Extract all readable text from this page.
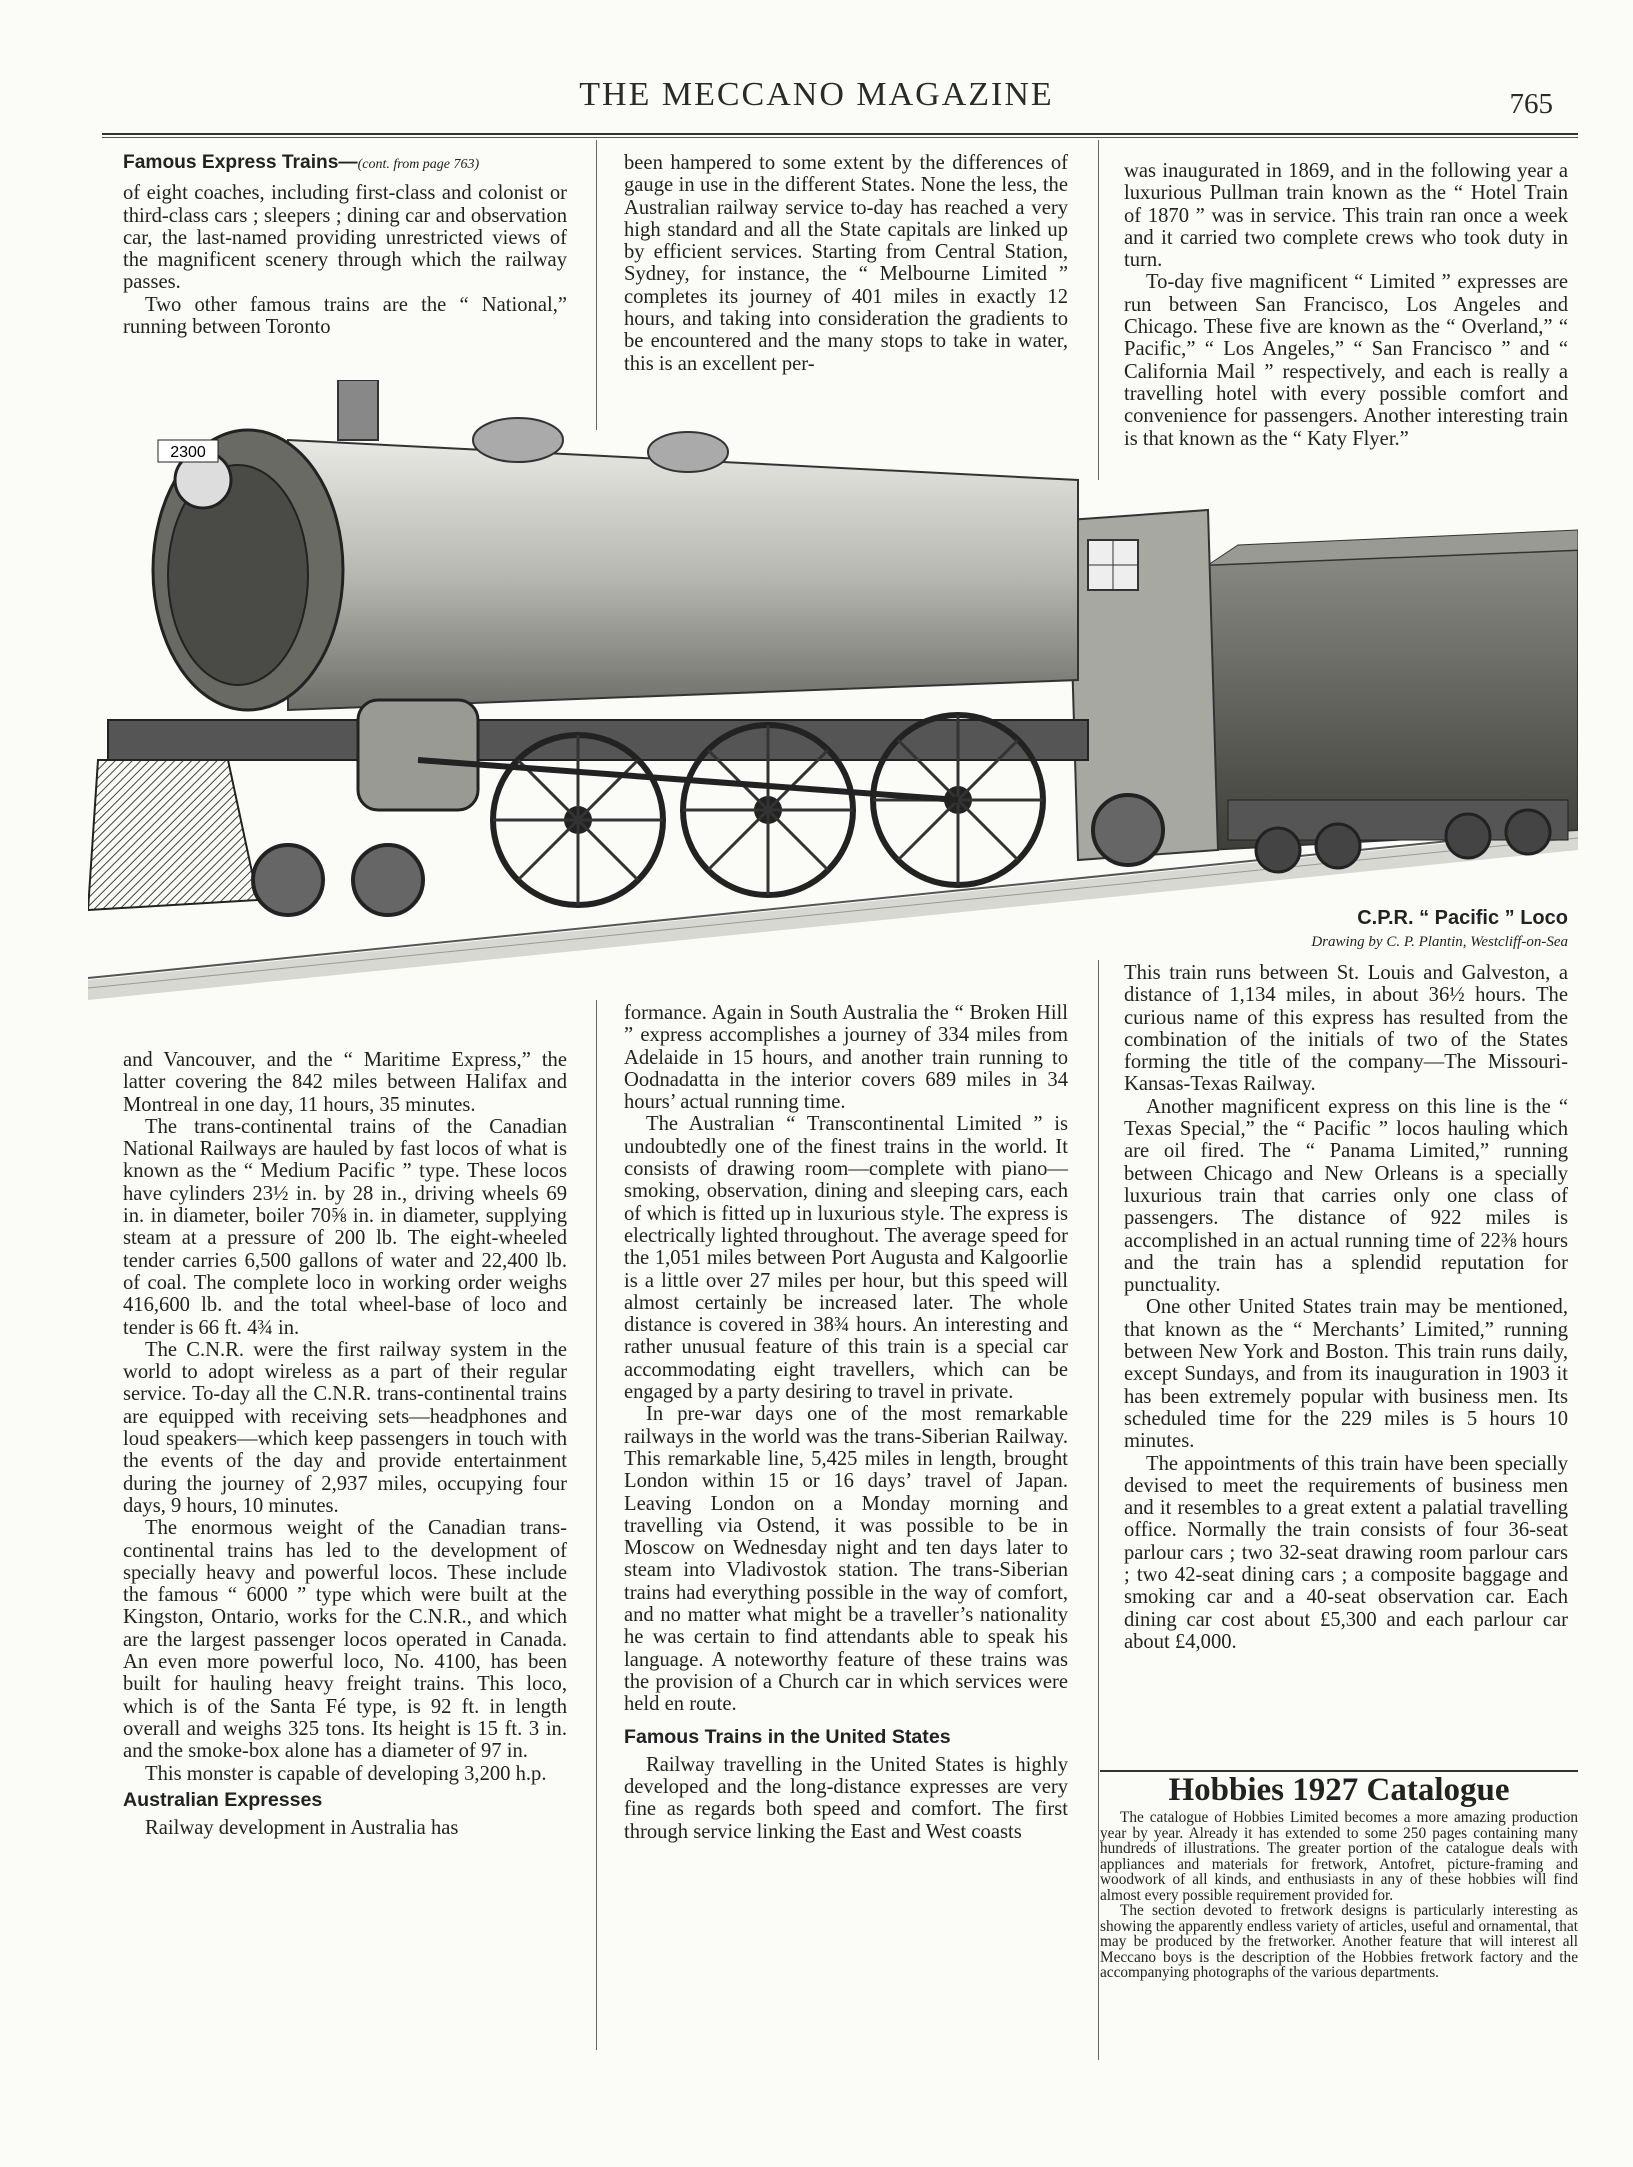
THE MECCANO MAGAZINE	765
Famous Express Trains—(cont. from page 763)

of eight coaches, including first-class and colonist or third-class cars ; sleepers ; dining car and observation car, the last-named providing unrestricted views of the magnificent scenery through which the railway passes.

Two other famous trains are the “ National,” running between Toronto

been hampered to some extent by the differences of gauge in use in the different States. None the less, the Australian railway service to-day has reached a very high standard and all the State capitals are linked up by efficient services. Starting from Central Station, Sydney, for instance, the “ Melbourne Limited ” completes its journey of 401 miles in exactly 12 hours, and taking into consideration the gradients to be encountered and the many stops to take in water, this is an excellent per-

was inaugurated in 1869, and in the following year a luxurious Pullman train known as the “ Hotel Train of 1870 ” was in service. This train ran once a week and it carried two complete crews who took duty in turn.

To-day five magnificent “ Limited ” expresses are run between San Francisco, Los Angeles and Chicago. These five are known as the “ Overland,” “ Pacific,” “ Los Angeles,” “ San Francisco ” and “ California Mail ” respectively, and each is really a travelling hotel with every possible comfort and convenience for passengers. Another interesting train is that known as the “ Katy Flyer.”

2300
C.P.R. “ Pacific ” Loco
Drawing by C. P. Plantin, Westcliff-on-Sea

and Vancouver, and the “ Maritime Express,” the latter covering the 842 miles between Halifax and Montreal in one day, 11 hours, 35 minutes.

The trans-continental trains of the Canadian National Railways are hauled by fast locos of what is known as the “ Medium Pacific ” type. These locos have cylinders 23½ in. by 28 in., driving wheels 69 in. in diameter, boiler 70⅝ in. in diameter, supplying steam at a pressure of 200 lb. The eight-wheeled tender carries 6,500 gallons of water and 22,400 lb. of coal. The complete loco in working order weighs 416,600 lb. and the total wheel-base of loco and tender is 66 ft. 4¾ in.

The C.N.R. were the first railway system in the world to adopt wireless as a part of their regular service. To-day all the C.N.R. trans-continental trains are equipped with receiving sets—headphones and loud speakers—which keep passengers in touch with the events of the day and provide entertainment during the journey of 2,937 miles, occupying four days, 9 hours, 10 minutes.

The enormous weight of the Canadian trans-continental trains has led to the development of specially heavy and powerful locos. These include the famous “ 6000 ” type which were built at the Kingston, Ontario, works for the C.N.R., and which are the largest passenger locos operated in Canada. An even more powerful loco, No. 4100, has been built for hauling heavy freight trains. This loco, which is of the Santa Fé type, is 92 ft. in length overall and weighs 325 tons. Its height is 15 ft. 3 in. and the smoke-box alone has a diameter of 97 in.

This monster is capable of developing 3,200 h.p.

Australian Expresses

Railway development in Australia has

formance. Again in South Australia the “ Broken Hill ” express accomplishes a journey of 334 miles from Adelaide in 15 hours, and another train running to Oodnadatta in the interior covers 689 miles in 34 hours’ actual running time.

The Australian “ Transcontinental Limited ” is undoubtedly one of the finest trains in the world. It consists of drawing room—complete with piano—smoking, observation, dining and sleeping cars, each of which is fitted up in luxurious style. The express is electrically lighted throughout. The average speed for the 1,051 miles between Port Augusta and Kalgoorlie is a little over 27 miles per hour, but this speed will almost certainly be increased later. The whole distance is covered in 38¾ hours. An interesting and rather unusual feature of this train is a special car accommodating eight travellers, which can be engaged by a party desiring to travel in private.

In pre-war days one of the most remarkable railways in the world was the trans-Siberian Railway. This remarkable line, 5,425 miles in length, brought London within 15 or 16 days’ travel of Japan. Leaving London on a Monday morning and travelling via Ostend, it was possible to be in Moscow on Wednesday night and ten days later to steam into Vladivostok station. The trans-Siberian trains had everything possible in the way of comfort, and no matter what might be a traveller’s nationality he was certain to find attendants able to speak his language. A noteworthy feature of these trains was the provision of a Church car in which services were held en route.

Famous Trains in the United States

Railway travelling in the United States is highly developed and the long-distance expresses are very fine as regards both speed and comfort. The first through service linking the East and West coasts

This train runs between St. Louis and Galveston, a distance of 1,134 miles, in about 36½ hours. The curious name of this express has resulted from the combination of the initials of two of the States forming the title of the company—The Missouri-Kansas-Texas Railway.

Another magnificent express on this line is the “ Texas Special,” the “ Pacific ” locos hauling which are oil fired. The “ Panama Limited,” running between Chicago and New Orleans is a specially luxurious train that carries only one class of passengers. The distance of 922 miles is accomplished in an actual running time of 22⅜ hours and the train has a splendid reputation for punctuality.

One other United States train may be mentioned, that known as the “ Merchants’ Limited,” running between New York and Boston. This train runs daily, except Sundays, and from its inauguration in 1903 it has been extremely popular with business men. Its scheduled time for the 229 miles is 5 hours 10 minutes.

The appointments of this train have been specially devised to meet the requirements of business men and it resembles to a great extent a palatial travelling office. Normally the train consists of four 36-seat parlour cars ; two 32-seat drawing room parlour cars ; two 42-seat dining cars ; a composite baggage and smoking car and a 40-seat observation car. Each dining car cost about £5,300 and each parlour car about £4,000.

Hobbies 1927 Catalogue

The catalogue of Hobbies Limited becomes a more amazing production year by year. Already it has extended to some 250 pages containing many hundreds of illustrations. The greater portion of the catalogue deals with appliances and materials for fretwork, Antofret, picture-framing and woodwork of all kinds, and enthusiasts in any of these hobbies will find almost every possible requirement provided for.

The section devoted to fretwork designs is particularly interesting as showing the apparently endless variety of articles, useful and ornamental, that may be produced by the fretworker. Another feature that will interest all Meccano boys is the description of the Hobbies fretwork factory and the accompanying photographs of the various departments.
